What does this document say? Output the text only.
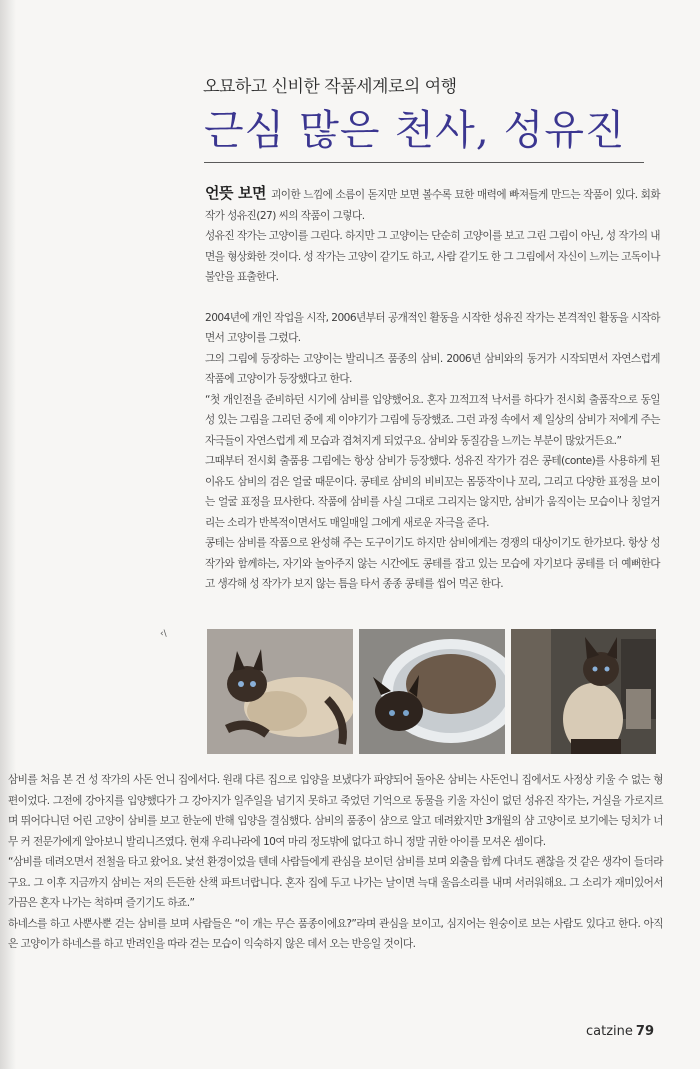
오묘하고 신비한 작품세계로의 여행
근심 많은 천사, 성유진

언뜻 보면 괴이한 느낌에 소름이 돋지만 보면 볼수록 묘한 매력에 빠져들게 만드는 작품이 있다. 회화 작가 성유진(27) 씨의 작품이 그렇다.

성유진 작가는 고양이를 그린다. 하지만 그 고양이는 단순히 고양이를 보고 그린 그림이 아닌, 성 작가의 내면을 형상화한 것이다. 성 작가는 고양이 같기도 하고, 사람 같기도 한 그 그림에서 자신이 느끼는 고독이나 불안을 표출한다.

2004년에 개인 작업을 시작, 2006년부터 공개적인 활동을 시작한 성유진 작가는 본격적인 활동을 시작하면서 고양이를 그렸다.

그의 그림에 등장하는 고양이는 발리니즈 품종의 삼비. 2006년 삼비와의 동거가 시작되면서 자연스럽게 작품에 고양이가 등장했다고 한다.

“첫 개인전을 준비하던 시기에 삼비를 입양했어요. 혼자 끄적끄적 낙서를 하다가 전시회 출품작으로 동일성 있는 그림을 그리던 중에 제 이야기가 그림에 등장했죠. 그런 과정 속에서 제 일상의 삼비가 저에게 주는 자극들이 자연스럽게 제 모습과 겹쳐지게 되었구요. 삼비와 동질감을 느끼는 부분이 많았거든요.”

그때부터 전시회 출품용 그림에는 항상 삼비가 등장했다. 성유진 작가가 검은 콩테(conte)를 사용하게 된 이유도 삼비의 검은 얼굴 때문이다. 콩테로 삼비의 비비꼬는 몸뚱작이나 꼬리, 그리고 다양한 표정을 보이는 얼굴 표정을 묘사한다. 작품에 삼비를 사실 그대로 그리지는 않지만, 삼비가 움직이는 모습이나 칭얼거리는 소리가 반복적이면서도 매일매일 그에게 새로운 자극을 준다.

콩테는 삼비를 작품으로 완성해 주는 도구이기도 하지만 삼비에게는 경쟁의 대상이기도 한가보다. 항상 성 작가와 함께하는, 자기와 놀아주지 않는 시간에도 콩테를 잡고 있는 모습에 자기보다 콩테를 더 예뻐한다고 생각해 성 작가가 보지 않는 틈을 타서 종종 콩테를 씹어 먹곤 한다.

‹\

삼비를 처음 본 건 성 작가의 사돈 언니 집에서다. 원래 다른 집으로 입양을 보냈다가 파양되어 돌아온 삼비는 사돈언니 집에서도 사정상 키울 수 없는 형편이었다. 그전에 강아지를 입양했다가 그 강아지가 일주일을 넘기지 못하고 죽었던 기억으로 동물을 키울 자신이 없던 성유진 작가는, 거실을 가로지르며 뛰어다니던 어린 고양이 삼비를 보고 한눈에 반해 입양을 결심했다. 삼비의 품종이 샴으로 알고 데려왔지만 3개월의 샴 고양이로 보기에는 덩치가 너무 커 전문가에게 알아보니 발리니즈였다. 현재 우리나라에 10여 마리 정도밖에 없다고 하니 정말 귀한 아이를 모셔온 셈이다.

“삼비를 데려오면서 전철을 타고 왔어요. 낯선 환경이었을 텐데 사람들에게 관심을 보이던 삼비를 보며 외출을 함께 다녀도 괜찮을 것 같은 생각이 들더라구요. 그 이후 지금까지 삼비는 저의 든든한 산책 파트너랍니다. 혼자 집에 두고 나가는 날이면 늑대 울음소리를 내며 서러워해요. 그 소리가 재미있어서 가끔은 혼자 나가는 척하며 즐기기도 하죠.”

하네스를 하고 사뿐사뿐 걷는 삼비를 보며 사람들은 “이 개는 무슨 품종이에요?”라며 관심을 보이고, 심지어는 원숭이로 보는 사람도 있다고 한다. 아직은 고양이가 하네스를 하고 반려인을 따라 걷는 모습이 익숙하지 않은 데서 오는 반응일 것이다.

catzine 79
